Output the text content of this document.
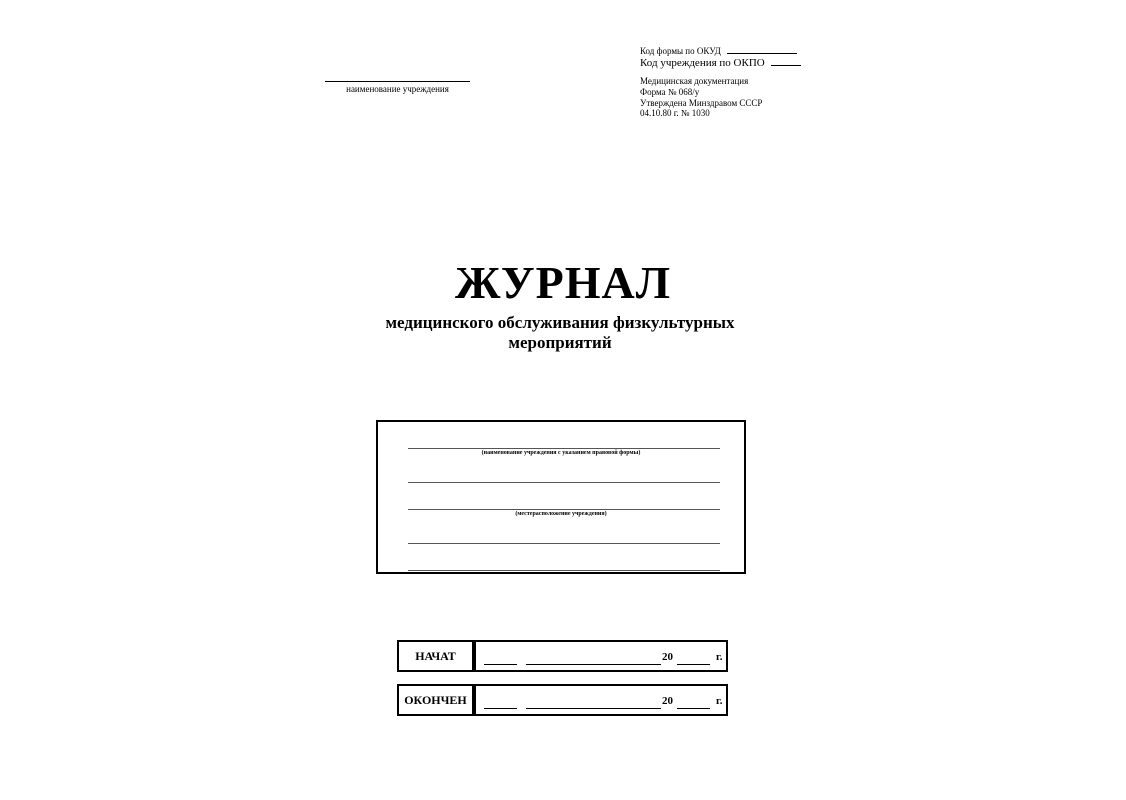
наименование учреждения
Код формы по ОКУД
Код учреждения по ОКПО
Медицинская документация
Форма № 068/у
Утверждена Минздравом СССР
04.10.80 г. № 1030
ЖУРНАЛ
медицинского обслуживания физкультурных
мероприятий
(наименование учреждения с указанием правовой формы)
(местерасположение учреждения)
НАЧАТ	20	г.
ОКОНЧЕН	20	г.
